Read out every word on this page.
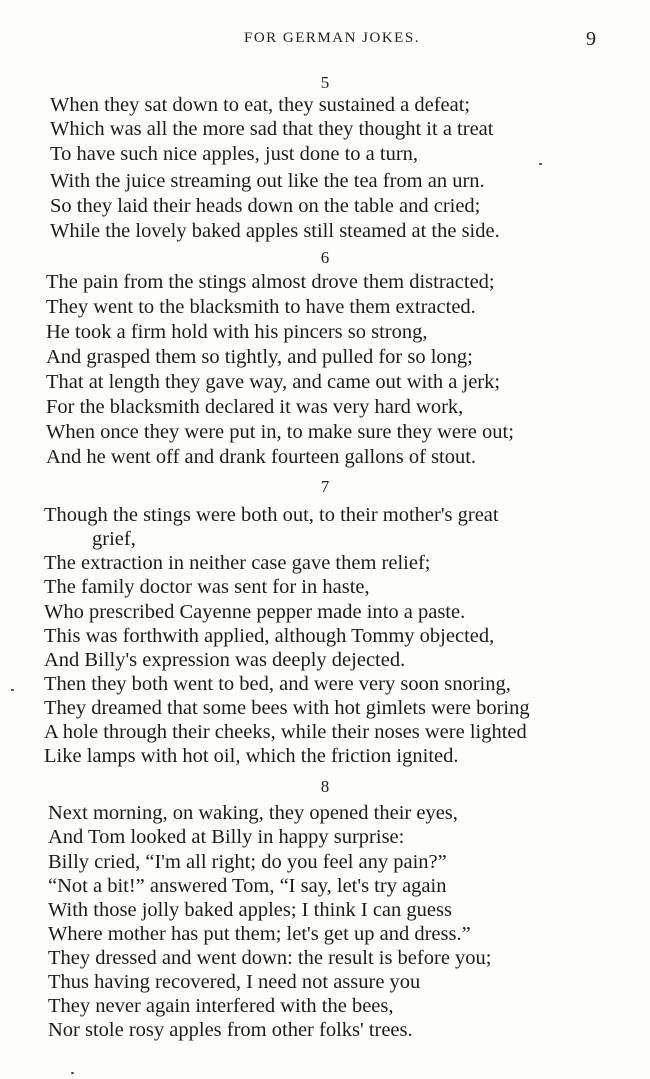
FOR GERMAN JOKES.	9
5
When they sat down to eat, they sustained a defeat;
Which was all the more sad that they thought it a treat
To have such nice apples, just done to a turn,
With the juice streaming out like the tea from an urn.
So they laid their heads down on the table and cried;
While the lovely baked apples still steamed at the side.
6
The pain from the stings almost drove them distracted;
They went to the blacksmith to have them extracted.
He took a firm hold with his pincers so strong,
And grasped them so tightly, and pulled for so long;
That at length they gave way, and came out with a jerk;
For the blacksmith declared it was very hard work,
When once they were put in, to make sure they were out;
And he went off and drank fourteen gallons of stout.
7
Though the stings were both out, to their mother's great
grief,
The extraction in neither case gave them relief;
The family doctor was sent for in haste,
Who prescribed Cayenne pepper made into a paste.
This was forthwith applied, although Tommy objected,
And Billy's expression was deeply dejected.
Then they both went to bed, and were very soon snoring,
They dreamed that some bees with hot gimlets were boring
A hole through their cheeks, while their noses were lighted
Like lamps with hot oil, which the friction ignited.
8
Next morning, on waking, they opened their eyes,
And Tom looked at Billy in happy surprise:
Billy cried, “I'm all right; do you feel any pain?”
“Not a bit!” answered Tom, “I say, let's try again
With those jolly baked apples; I think I can guess
Where mother has put them; let's get up and dress.”
They dressed and went down: the result is before you;
Thus having recovered, I need not assure you
They never again interfered with the bees,
Nor stole rosy apples from other folks' trees.
